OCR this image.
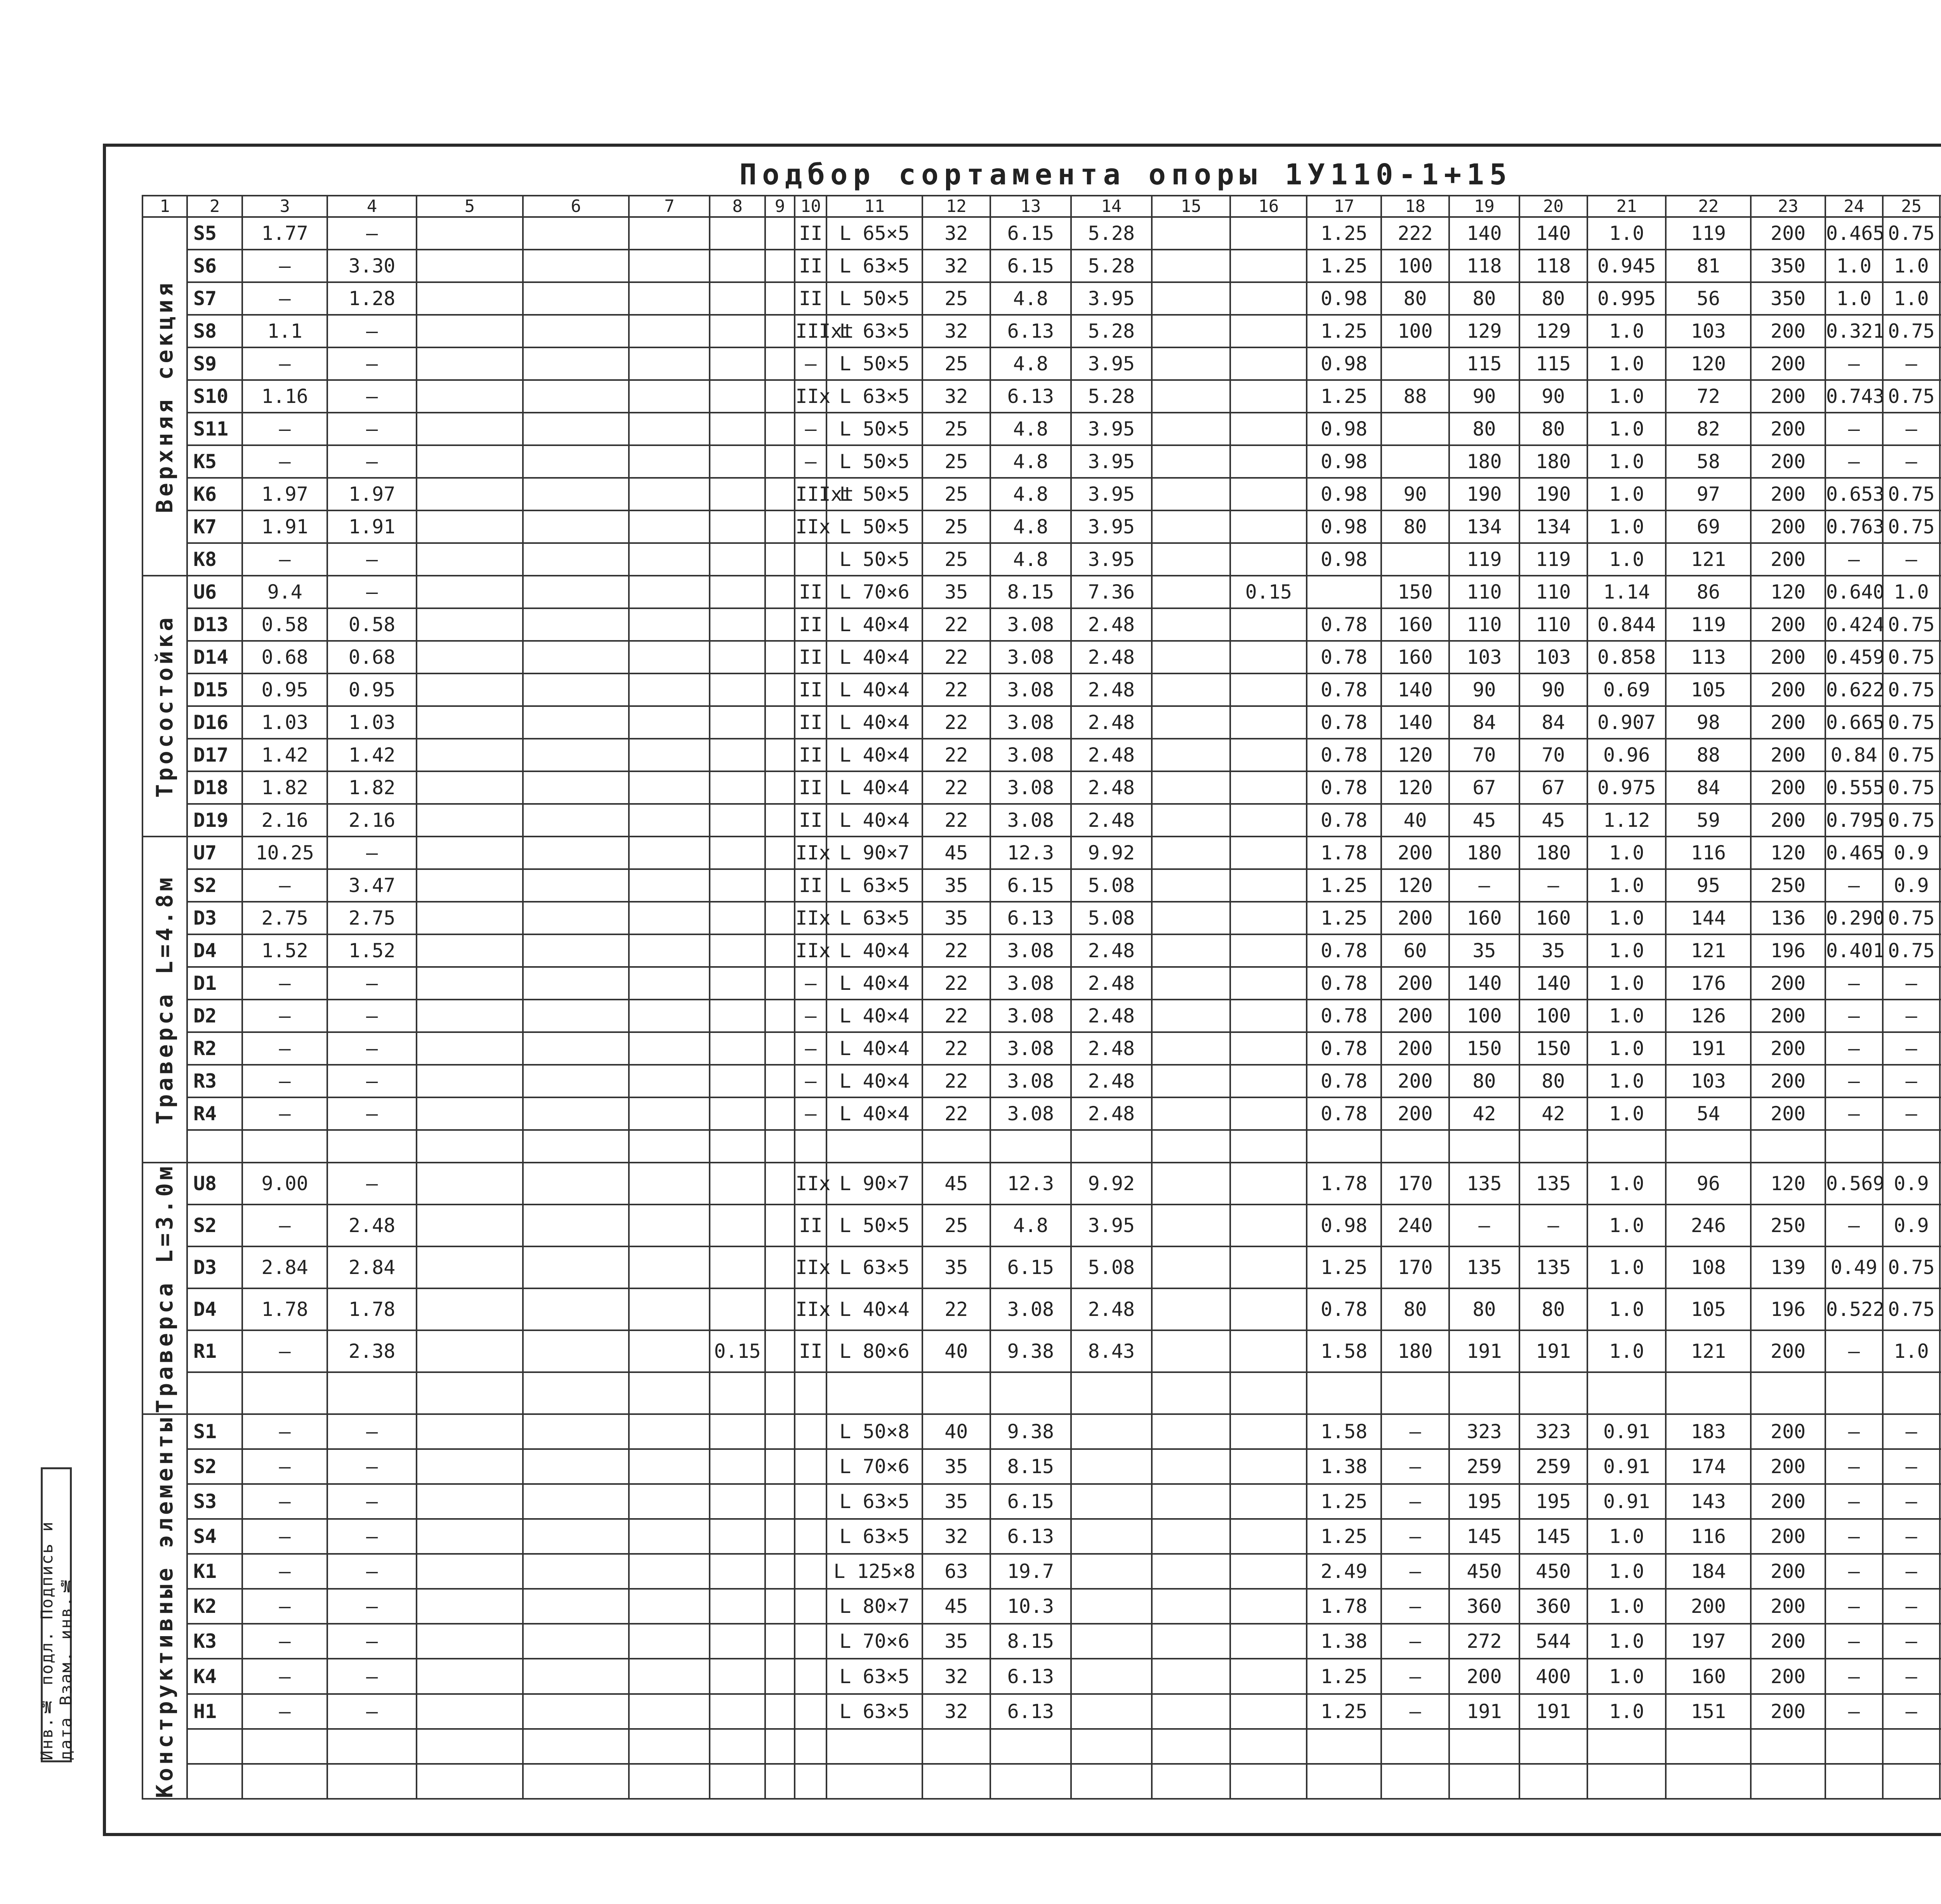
Подбор сортамента опоры 1У110-1+15
1	2	3	4	5	6	7	8	9	10	11	12	13	14	15	16	17	18	19	20	21	22	23	24	25					

Верхняя секция	S5	1.77	—						II	L 65×5	32	6.15	5.28			1.25	222	140	140	1.0	119	200	0.465	0.75					
	S6	—	3.30						II	L 63×5	32	6.15	5.28			1.25	100	118	118	0.945	81	350	1.0	1.0					
	S7	—	1.28						II	L 50×5	25	4.8	3.95			0.98	80	80	80	0.995	56	350	1.0	1.0					
	S8	1.1	—						IIIxt	L 63×5	32	6.13	5.28			1.25	100	129	129	1.0	103	200	0.321	0.75					
	S9	—	—						—	L 50×5	25	4.8	3.95			0.98		115	115	1.0	120	200	—	—					
	S10	1.16	—						IIx	L 63×5	32	6.13	5.28			1.25	88	90	90	1.0	72	200	0.743	0.75					
	S11	—	—						—	L 50×5	25	4.8	3.95			0.98		80	80	1.0	82	200	—	—					
	K5	—	—						—	L 50×5	25	4.8	3.95			0.98		180	180	1.0	58	200	—	—					
	K6	1.97	1.97						IIIxt	L 50×5	25	4.8	3.95			0.98	90	190	190	1.0	97	200	0.653	0.75					
	K7	1.91	1.91						IIx	L 50×5	25	4.8	3.95			0.98	80	134	134	1.0	69	200	0.763	0.75					
	K8	—	—							L 50×5	25	4.8	3.95			0.98		119	119	1.0	121	200	—	—					

Тросостойка	U6	9.4	—						II	L 70×6	35	8.15	7.36		0.15		150	110	110	1.14	86	120	0.640	1.0					
	D13	0.58	0.58						II	L 40×4	22	3.08	2.48			0.78	160	110	110	0.844	119	200	0.424	0.75					
	D14	0.68	0.68						II	L 40×4	22	3.08	2.48			0.78	160	103	103	0.858	113	200	0.459	0.75					
	D15	0.95	0.95						II	L 40×4	22	3.08	2.48			0.78	140	90	90	0.69	105	200	0.622	0.75					
	D16	1.03	1.03						II	L 40×4	22	3.08	2.48			0.78	140	84	84	0.907	98	200	0.665	0.75					
	D17	1.42	1.42						II	L 40×4	22	3.08	2.48			0.78	120	70	70	0.96	88	200	0.84	0.75					
	D18	1.82	1.82						II	L 40×4	22	3.08	2.48			0.78	120	67	67	0.975	84	200	0.555	0.75					
	D19	2.16	2.16						II	L 40×4	22	3.08	2.48			0.78	40	45	45	1.12	59	200	0.795	0.75					

Траверса L=4.8м	U7	10.25	—						IIx	L 90×7	45	12.3	9.92			1.78	200	180	180	1.0	116	120	0.465	0.9					
	S2	—	3.47						II	L 63×5	35	6.15	5.08			1.25	120	—	—	1.0	95	250	—	0.9					
	D3	2.75	2.75						IIx	L 63×5	35	6.13	5.08			1.25	200	160	160	1.0	144	136	0.290	0.75					
	D4	1.52	1.52						IIx	L 40×4	22	3.08	2.48			0.78	60	35	35	1.0	121	196	0.401	0.75					
	D1	—	—						—	L 40×4	22	3.08	2.48			0.78	200	140	140	1.0	176	200	—	—					
	D2	—	—						—	L 40×4	22	3.08	2.48			0.78	200	100	100	1.0	126	200	—	—					
	R2	—	—						—	L 40×4	22	3.08	2.48			0.78	200	150	150	1.0	191	200	—	—					
	R3	—	—						—	L 40×4	22	3.08	2.48			0.78	200	80	80	1.0	103	200	—	—					
	R4	—	—						—	L 40×4	22	3.08	2.48			0.78	200	42	42	1.0	54	200	—	—					

Траверса L=3.0м	U8	9.00	—						IIx	L 90×7	45	12.3	9.92			1.78	170	135	135	1.0	96	120	0.569	0.9					
	S2	—	2.48						II	L 50×5	25	4.8	3.95			0.98	240	—	—	1.0	246	250	—	0.9					
	D3	2.84	2.84						IIx	L 63×5	35	6.15	5.08			1.25	170	135	135	1.0	108	139	0.49	0.75					
	D4	1.78	1.78						IIx	L 40×4	22	3.08	2.48			0.78	80	80	80	1.0	105	196	0.522	0.75					
	R1	—	2.38				0.15		II	L 80×6	40	9.38	8.43			1.58	180	191	191	1.0	121	200	—	1.0					

Конструктивные элементы	S1	—	—							L 50×8	40	9.38				1.58	—	323	323	0.91	183	200	—	—					
	S2	—	—							L 70×6	35	8.15				1.38	—	259	259	0.91	174	200	—	—					
	S3	—	—							L 63×5	35	6.15				1.25	—	195	195	0.91	143	200	—	—					
	S4	—	—							L 63×5	32	6.13				1.25	—	145	145	1.0	116	200	—	—					
	K1	—	—							L 125×8	63	19.7				2.49	—	450	450	1.0	184	200	—	—					
	K2	—	—							L 80×7	45	10.3				1.78	—	360	360	1.0	200	200	—	—					
	K3	—	—							L 70×6	35	8.15				1.38	—	272	544	1.0	197	200	—	—					
	K4	—	—							L 63×5	32	6.13				1.25	—	200	400	1.0	160	200	—	—					
	H1	—	—							L 63×5	32	6.13				1.25	—	191	191	1.0	151	200	—	—					

Инв.№ подл. Подпись и дата Взам. инв.№
